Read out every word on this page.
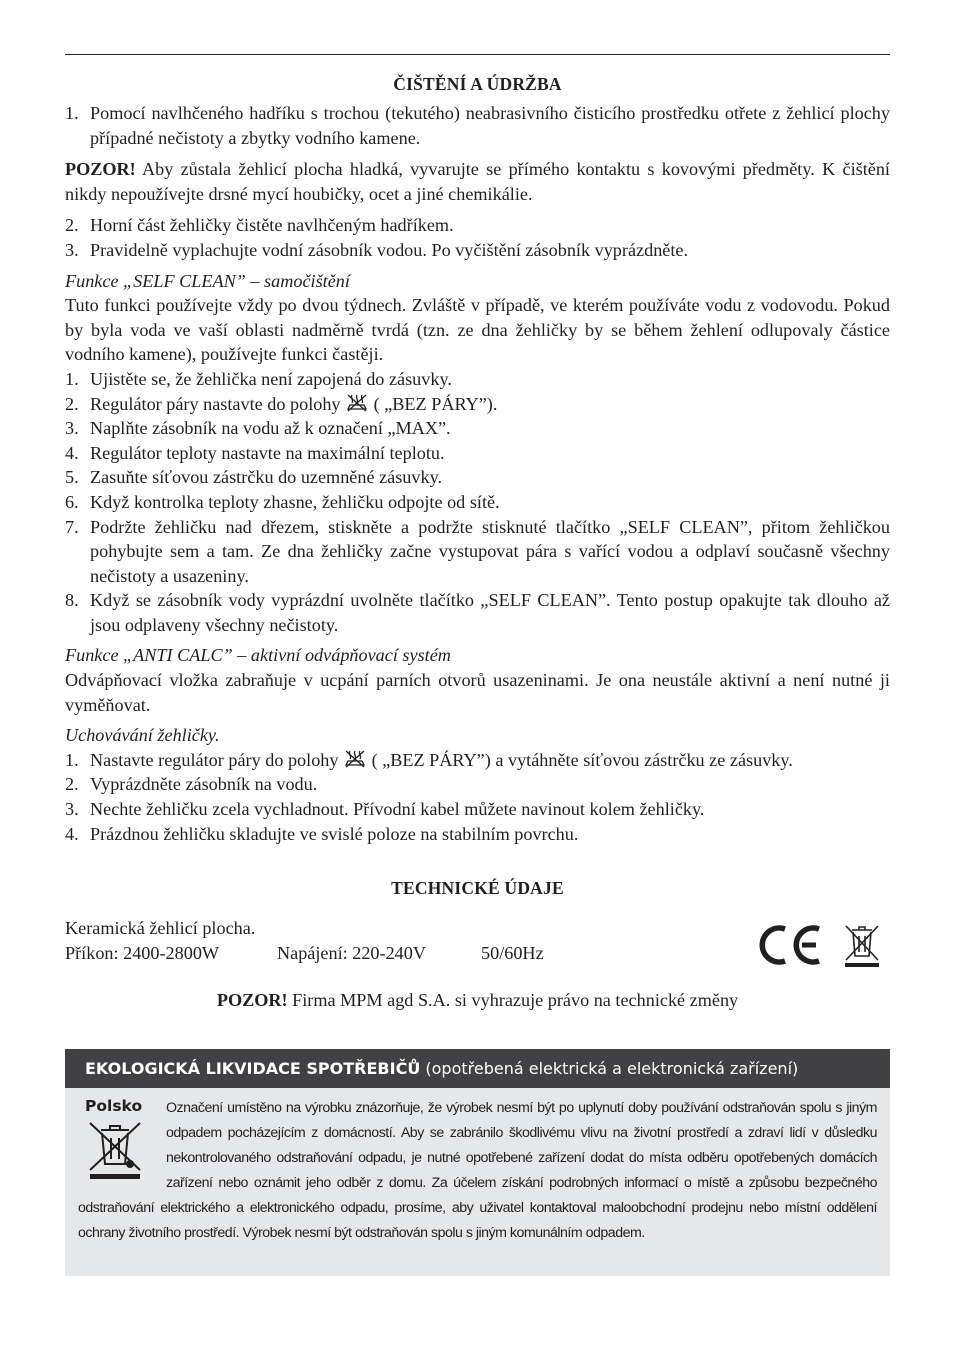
ČIŠTĚNÍ A ÚDRŽBA
1. Pomocí navlhčeného hadříku s trochou (tekutého) neabrasivního čisticího prostředku otřete z žehlicí plochy případné nečistoty a zbytky vodního kamene.

POZOR! Aby zůstala žehlicí plocha hladká, vyvarujte se přímého kontaktu s kovovými předměty. K čištění nikdy nepoužívejte drsné mycí houbičky, ocet a jiné chemikálie.

2. Horní část žehličky čistěte navlhčeným hadříkem.
3. Pravidelně vyplachujte vodní zásobník vodou. Po vyčištění zásobník vyprázdněte.

Funkce „SELF CLEAN” – samočištění

Tuto funkci používejte vždy po dvou týdnech. Zvláště v případě, ve kterém používáte vodu z vodovodu. Pokud by byla voda ve vaší oblasti nadměrně tvrdá (tzn. ze dna žehličky by se během žehlení odlupovaly částice vodního kamene), používejte funkci častěji.

1. Ujistěte se, že žehlička není zapojená do zásuvky.
2. Regulátor páry nastavte do polohy  ( „BEZ PÁRY”).
3. Naplňte zásobník na vodu až k označení „MAX”.
4. Regulátor teploty nastavte na maximální teplotu.
5. Zasuňte síťovou zástrčku do uzemněné zásuvky.
6. Když kontrolka teploty zhasne, žehličku odpojte od sítě.
7. Podržte žehličku nad dřezem, stiskněte a podržte stisknuté tlačítko „SELF CLEAN”, přitom žehličkou pohybujte sem a tam. Ze dna žehličky začne vystupovat pára s vařící vodou a odplaví současně všechny nečistoty a usazeniny.
8. Když se zásobník vody vyprázdní uvolněte tlačítko „SELF CLEAN”. Tento postup opakujte tak dlouho až jsou odplaveny všechny nečistoty.

Funkce „ANTI CALC” – aktivní odvápňovací systém

Odvápňovací vložka zabraňuje v ucpání parních otvorů usazeninami. Je ona neustále aktivní a není nutné ji vyměňovat.

Uchovávání žehličky.

1. Nastavte regulátor páry do polohy  ( „BEZ PÁRY”) a vytáhněte síťovou zástrčku ze zásuvky.
2. Vyprázdněte zásobník na vodu.
3. Nechte žehličku zcela vychladnout. Přívodní kabel můžete navinout kolem žehličky.
4. Prázdnou žehličku skladujte ve svislé poloze na stabilním povrchu.
TECHNICKÉ ÚDAJE

Keramická žehlicí plocha.

Příkon: 2400-2800W	Napájení: 220-240V	50/60Hz

POZOR! Firma MPM agd S.A. si vyhrazuje právo na technické změny

EKOLOGICKÁ LIKVIDACE SPOTŘEBIČŮ (opotřebená elektrická a elektronická zařízení)
Polsko	Označení umístěno na výrobku znázorňuje, že výrobek nesmí být po uplynutí doby používání odstraňován spolu s jiným odpadem pocházejícím z domácností. Aby se zabránilo škodlivému vlivu na životní prostředí a zdraví lidí v důsledku nekontrolovaného odstraňování odpadu, je nutné opotřebené zařízení dodat do místa odběru opotřebených domácích zařízení nebo oznámit jeho odběr z domu. Za účelem získání podrobných informací o místě a způsobu bezpečného odstraňování elektrického a elektronického odpadu, prosíme, aby uživatel kontaktoval maloobchodní prodejnu nebo místní oddělení ochrany životního prostředí. Výrobek nesmí být odstraňován spolu s jiným komunálním odpadem.
